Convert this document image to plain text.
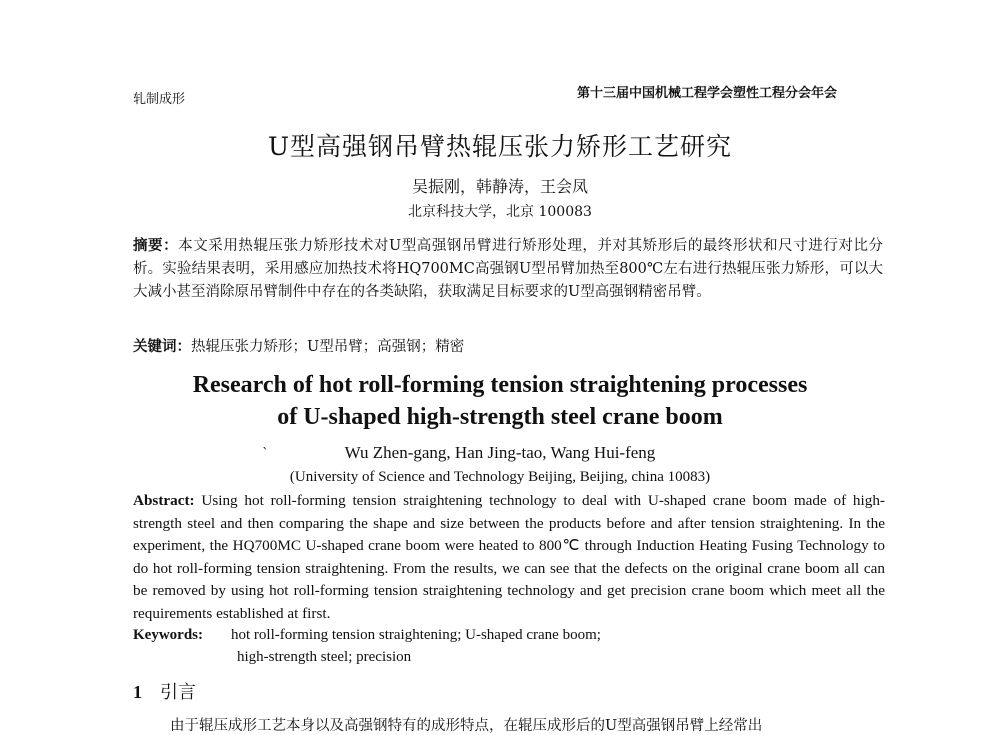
轧制成形	第十三届中国机械工程学会塑性工程分会年会
U型高强钢吊臂热辊压张力矫形工艺研究
吴振刚，韩静涛，王会凤
北京科技大学，北京 100083
摘要：本文采用热辊压张力矫形技术对U型高强钢吊臂进行矫形处理，并对其矫形后的最终形状和尺寸进行对比分析。实验结果表明，采用感应加热技术将HQ700MC高强钢U型吊臂加热至800℃左右进行热辊压张力矫形，可以大大减小甚至消除原吊臂制件中存在的各类缺陷，获取满足目标要求的U型高强钢精密吊臂。
关键词：热辊压张力矫形；U型吊臂；高强钢；精密
Research of hot roll-forming tension straightening processes
of U-shaped high-strength steel crane boom
`	Wu Zhen-gang, Han Jing-tao, Wang Hui-feng
(University of Science and Technology Beijing, Beijing, china 10083)
Abstract: Using hot roll-forming tension straightening technology to deal with U-shaped crane boom made of high-strength steel and then comparing the shape and size between the products before and after tension straightening. In the experiment, the HQ700MC U-shaped crane boom were heated to 800℃ through Induction Heating Fusing Technology to do hot roll-forming tension straightening. From the results, we can see that the defects on the original crane boom all can be removed by using hot roll-forming tension straightening technology and get precision crane boom which meet all the requirements established at first.
Keywords: hot roll-forming tension straightening; U-shaped crane boom;
high-strength steel; precision
1 引言
由于辊压成形工艺本身以及高强钢特有的成形特点，在辊压成形后的U型高强钢吊臂上经常出
